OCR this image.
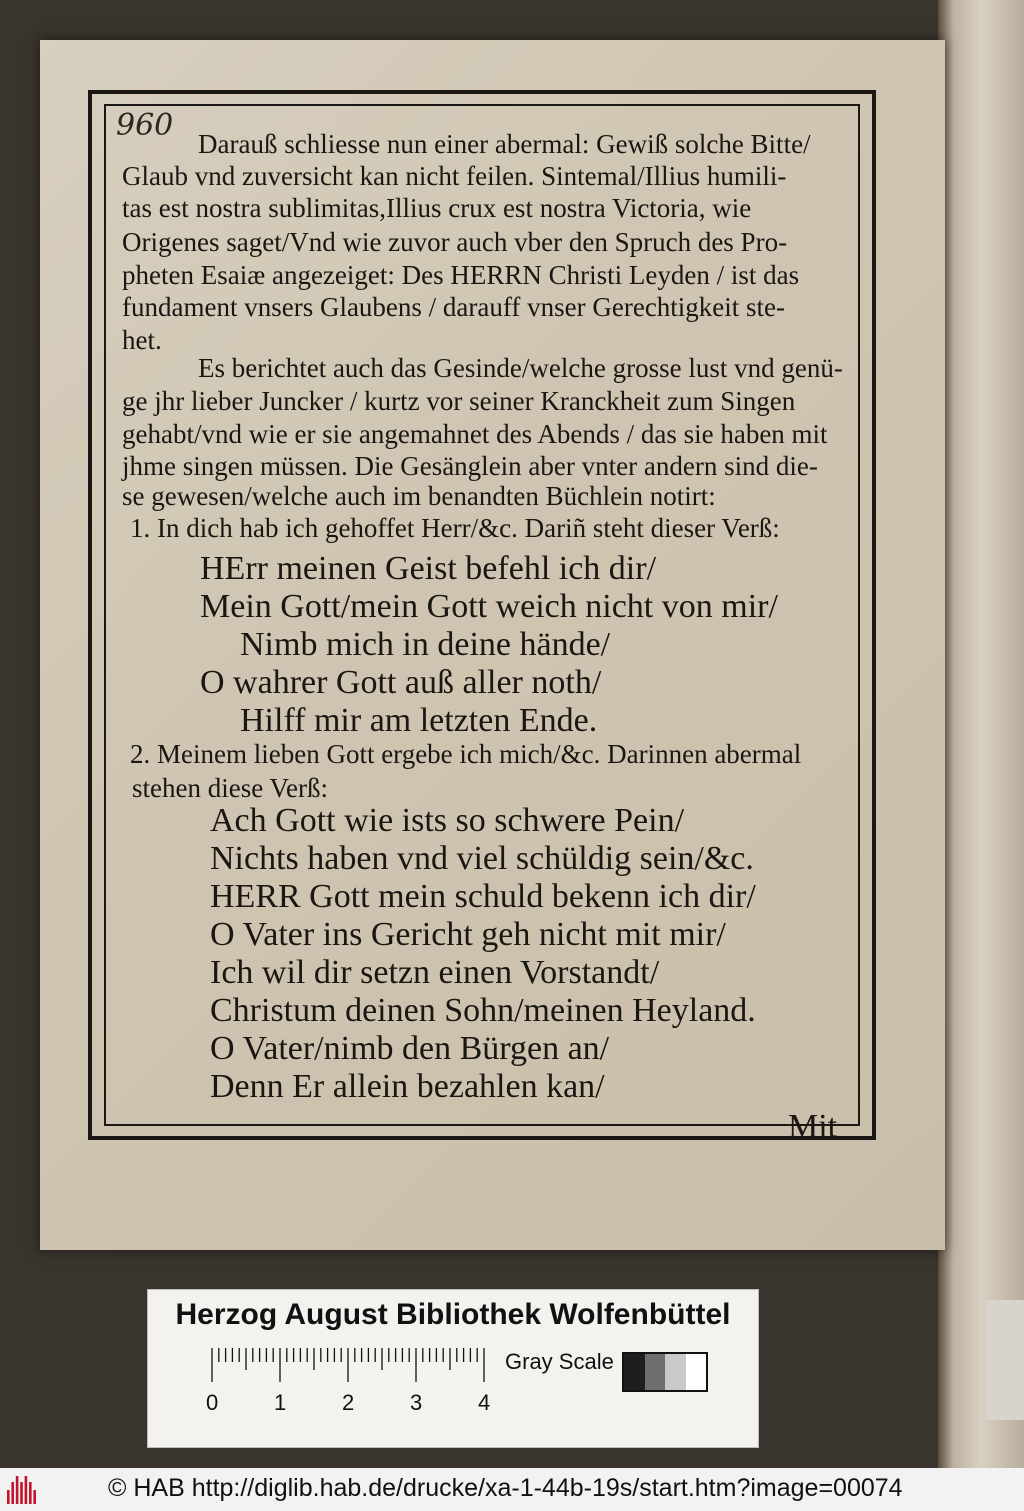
960
Darauß schliesse nun einer abermal: Gewiß solche Bitte/
Glaub vnd zuversicht kan nicht feilen. Sintemal/Illius humili-
tas est nostra sublimitas,Illius crux est nostra Victoria, wie
Origenes saget/Vnd wie zuvor auch vber den Spruch des Pro-
pheten Esaiæ angezeiget: Des HERRN Christi Leyden / ist das
fundament vnsers Glaubens / darauff vnser Gerechtigkeit ste-
het.
Es berichtet auch das Gesinde/welche grosse lust vnd genü-
ge jhr lieber Juncker / kurtz vor seiner Kranckheit zum Singen
gehabt/vnd wie er sie angemahnet des Abends / das sie haben mit
jhme singen müssen. Die Gesänglein aber vnter andern sind die-
se gewesen/welche auch im benandten Büchlein notirt:
1. In dich hab ich gehoffet Herr/&c. Dariñ steht dieser Verß:
HErr meinen Geist befehl ich dir/
Mein Gott/mein Gott weich nicht von mir/
Nimb mich in deine hände/
O wahrer Gott auß aller noth/
Hilff mir am letzten Ende.
2. Meinem lieben Gott ergebe ich mich/&c. Darinnen abermal
stehen diese Verß:
Ach Gott wie ists so schwere Pein/
Nichts haben vnd viel schüldig sein/&c.
HERR Gott mein schuld bekenn ich dir/
O Vater ins Gericht geh nicht mit mir/
Ich wil dir setzn einen Vorstandt/
Christum deinen Sohn/meinen Heyland.
O Vater/nimb den Bürgen an/
Denn Er allein bezahlen kan/
Mit
Herzog August Bibliothek Wolfenbüttel
0	1	2	3	4
Gray Scale
© HAB http://diglib.hab.de/drucke/xa-1-44b-19s/start.htm?image=00074
